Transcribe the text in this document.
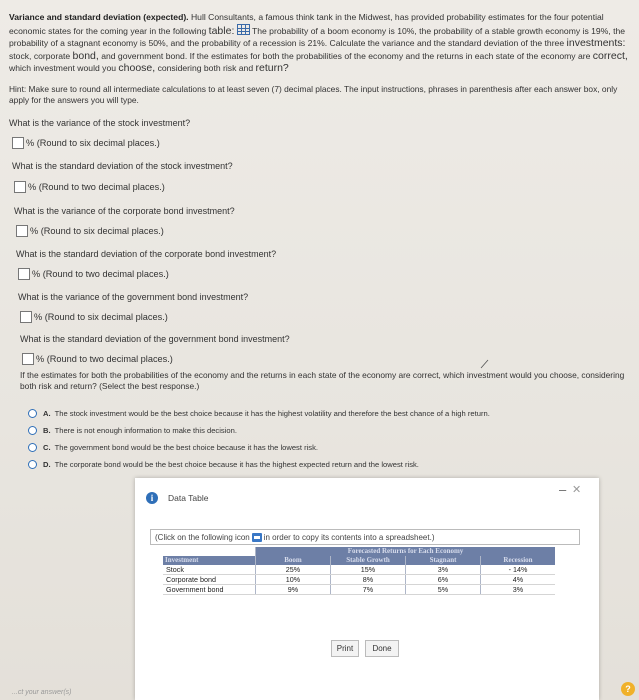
Variance and standard deviation (expected). Hull Consultants, a famous think tank in the Midwest, has provided probability estimates for the four potential economic states for the coming year in the following table: The probability of a boom economy is 10%, the probability of a stable growth economy is 19%, the probability of a stagnant economy is 50%, and the probability of a recession is 21%. Calculate the variance and the standard deviation of the three investments: stock, corporate bond, and government bond. If the estimates for both the probabilities of the economy and the returns in each state of the economy are correct, which investment would you choose, considering both risk and return?
Hint: Make sure to round all intermediate calculations to at least seven (7) decimal places. The input instructions, phrases in parenthesis after each answer box, only apply for the answers you will type.
What is the variance of the stock investment?
% (Round to six decimal places.)
What is the standard deviation of the stock investment?
% (Round to two decimal places.)
What is the variance of the corporate bond investment?
% (Round to six decimal places.)
What is the standard deviation of the corporate bond investment?
% (Round to two decimal places.)
What is the variance of the government bond investment?
% (Round to six decimal places.)
What is the standard deviation of the government bond investment?
% (Round to two decimal places.)
If the estimates for both the probabilities of the economy and the returns in each state of the economy are correct, which investment would you choose, considering both risk and return? (Select the best response.)
A. The stock investment would be the best choice because it has the highest volatility and therefore the best chance of a high return.
B. There is not enough information to make this decision.
C. The government bond would be the best choice because it has the lowest risk.
D. The corporate bond would be the best choice because it has the highest expected return and the lowest risk.
i	Data Table
– ✕
(Click on the following icon in order to copy its contents into a spreadsheet.)
	Forecasted Returns for Each Economy			
Investment	Boom	Stable Growth	Stagnant	Recession
Stock	25%	15%	3%	- 14%
Corporate bond	10%	8%	6%	4%
Government bond	9%	7%	5%	3%
Print	Done
...ct your answer(s)	?
